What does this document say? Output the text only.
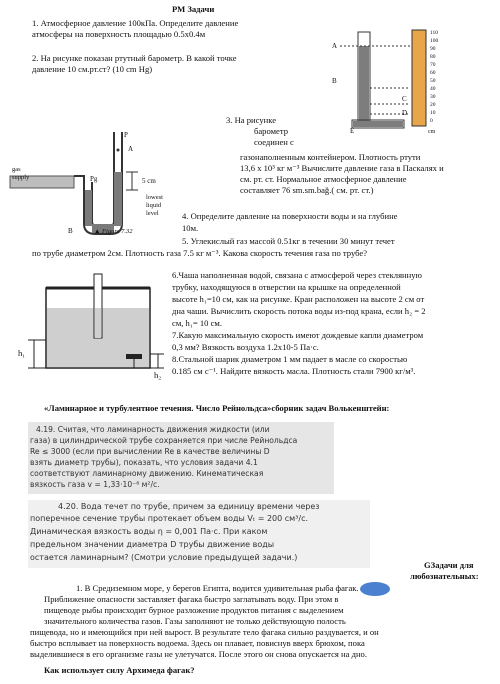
РМ Задачи
1. Атмосферное давление 100кПа. Определите давление
атмосферы на поверхность площадью 0.5х0.4м
2. На рисунке показан ртутный барометр. В какой точке
давление 10 см.рт.ст? (10 cm Hg)
A
B
C
D
E
110
100
90
80
70
60
50
40
30
20
10
0
cm
gas
supply
P
A
Pg	5 cm
B
lowest
liquid
level
▲ Figure 7.32
3. На рисунке
барометр
соединен с
газонаполненным контейнером. Плотность ртути
13,6 x 10³ кг м⁻³ Вычислите давление газа в Паскалях и
см. рт. ст. Нормальное атмосферное давление
составляет 76 sm.sm.bağ.( см. рт. ст.)
4. Определите давление на поверхности воды и на глубине
10м.
5. Углекислый газ массой 0.51кг в течении 30 минут течет
по трубе диаметром 2см. Плотность газа 7.5 кг м⁻³. Какова скорость течения газа по трубе?
h₁
h₂
6.Чаша наполненная водой, связана с атмосферой через стеклянную
трубку, находящуюся в отверстии на крышке на определенной
высоте h₁=10 см, как на рисунке. Кран расположен на высоте 2 см от
дна чаши. Вычислить скорость потока воды из-под крана, если h₂ = 2
см, h₁= 10 см.
7.Какую максимальную скорость имеют дождевые капли диаметром
0,3 мм? Вязкость воздуха 1.2х10-5 Па·с.
8.Стальной шарик диаметром 1 мм падает в масле со скоростью
0.185 см с⁻¹. Найдите вязкость масла. Плотность стали 7900 кг/м³.
«Ламинарное и турбулентное течения. Число Рейнольдса»сборник задач Волькенштейн:
4.19. Считая, что ламинарность движения жидкости (или
газа) в цилиндрической трубе сохраняется при числе Рейнольдса
Re ≤ 3000 (если при вычислении Re в качестве величины D
взять диаметр трубы), показать, что условия задачи 4.1
соответствуют ламинарному движению. Кинематическая
вязкость газа v = 1,33·10⁻⁶ м²/с.
4.20. Вода течет по трубе, причем за единицу времени через
поперечное сечение трубы протекает объем воды Vₜ = 200 см³/с.
Динамическая вязкость воды η = 0,001 Па·с. При каком
предельном значении диаметра D трубы движение воды
остается ламинарным? (Смотри условие предыдущей задачи.)
GЗадачи для
любознательных:
1. В Средиземном море, у берегов Египта, водится удивительная рыба фагак.
Приближение опасности заставляет фагака быстро заглатывать воду. При этом в
пищеводе рыбы происходит бурное разложение продуктов питания с выделением
значительного количества газов. Газы заполняют не только действующую полость
пищевода, но и имеющийся при ней вырост. В результате тело фагака сильно раздувается, и он
быстро всплывает на поверхность водоема. Здесь он плавает, повиснув вверх брюхом, пока
выделившиеся в его организме газы не улетучатся. После этого он снова опускается на дно.
Как использует силу Архимеда фагак?
